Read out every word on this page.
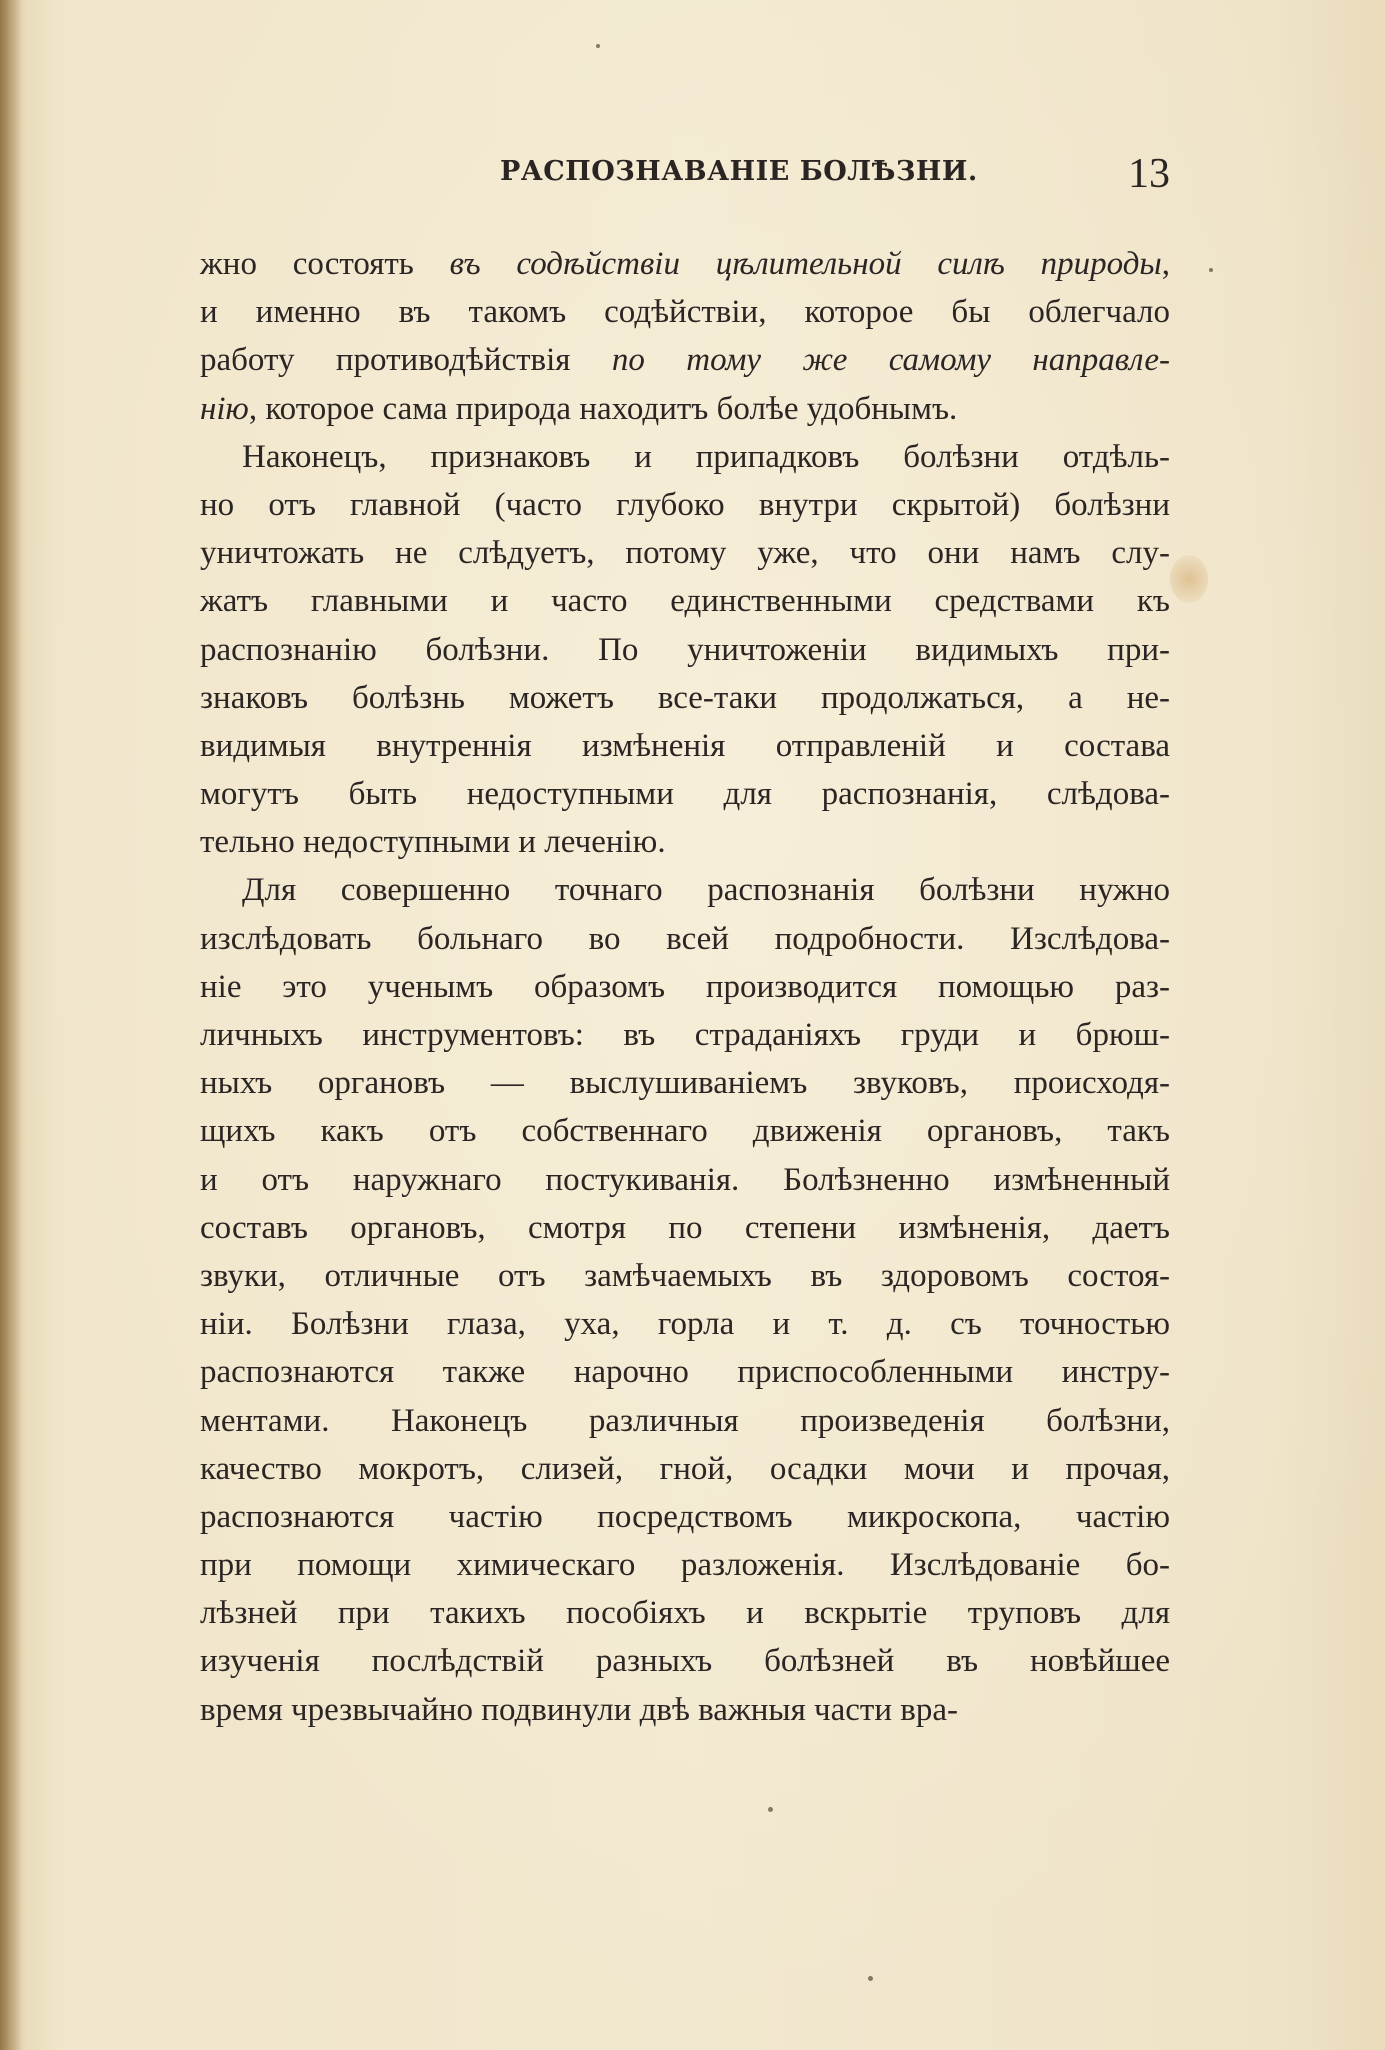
РАСПОЗНАВАНІЕ БОЛѢЗНИ.	13
жно состоять въ содѣйствіи цѣлительной силѣ природы,
и именно въ такомъ содѣйствіи, которое бы облегчало
работу противодѣйствія по тому же самому направле-
нію, которое сама природа находитъ болѣе удобнымъ.
Наконецъ, признаковъ и припадковъ болѣзни отдѣль-
но отъ главной (часто глубоко внутри скрытой) болѣзни
уничтожать не слѣдуетъ, потому уже, что они намъ слу-
жатъ главными и часто единственными средствами къ
распознанію болѣзни. По уничтоженіи видимыхъ при-
знаковъ болѣзнь можетъ все-таки продолжаться, а не-
видимыя внутреннія измѣненія отправленій и состава
могутъ быть недоступными для распознанія, слѣдова-
тельно недоступными и леченію.
Для совершенно точнаго распознанія болѣзни нужно
изслѣдовать больнаго во всей подробности. Изслѣдова-
ніе это ученымъ образомъ производится помощью раз-
личныхъ инструментовъ: въ страданіяхъ груди и брюш-
ныхъ органовъ — выслушиваніемъ звуковъ, происходя-
щихъ какъ отъ собственнаго движенія органовъ, такъ
и отъ наружнаго постукиванія. Болѣзненно измѣненный
составъ органовъ, смотря по степени измѣненія, даетъ
звуки, отличные отъ замѣчаемыхъ въ здоровомъ состоя-
ніи. Болѣзни глаза, уха, горла и т. д. съ точностью
распознаются также нарочно приспособленными инстру-
ментами. Наконецъ различныя произведенія болѣзни,
качество мокротъ, слизей, гной, осадки мочи и прочая,
распознаются частію посредствомъ микроскопа, частію
при помощи химическаго разложенія. Изслѣдованіе бо-
лѣзней при такихъ пособіяхъ и вскрытіе труповъ для
изученія послѣдствій разныхъ болѣзней въ новѣйшее
время чрезвычайно подвинули двѣ важныя части вра-
